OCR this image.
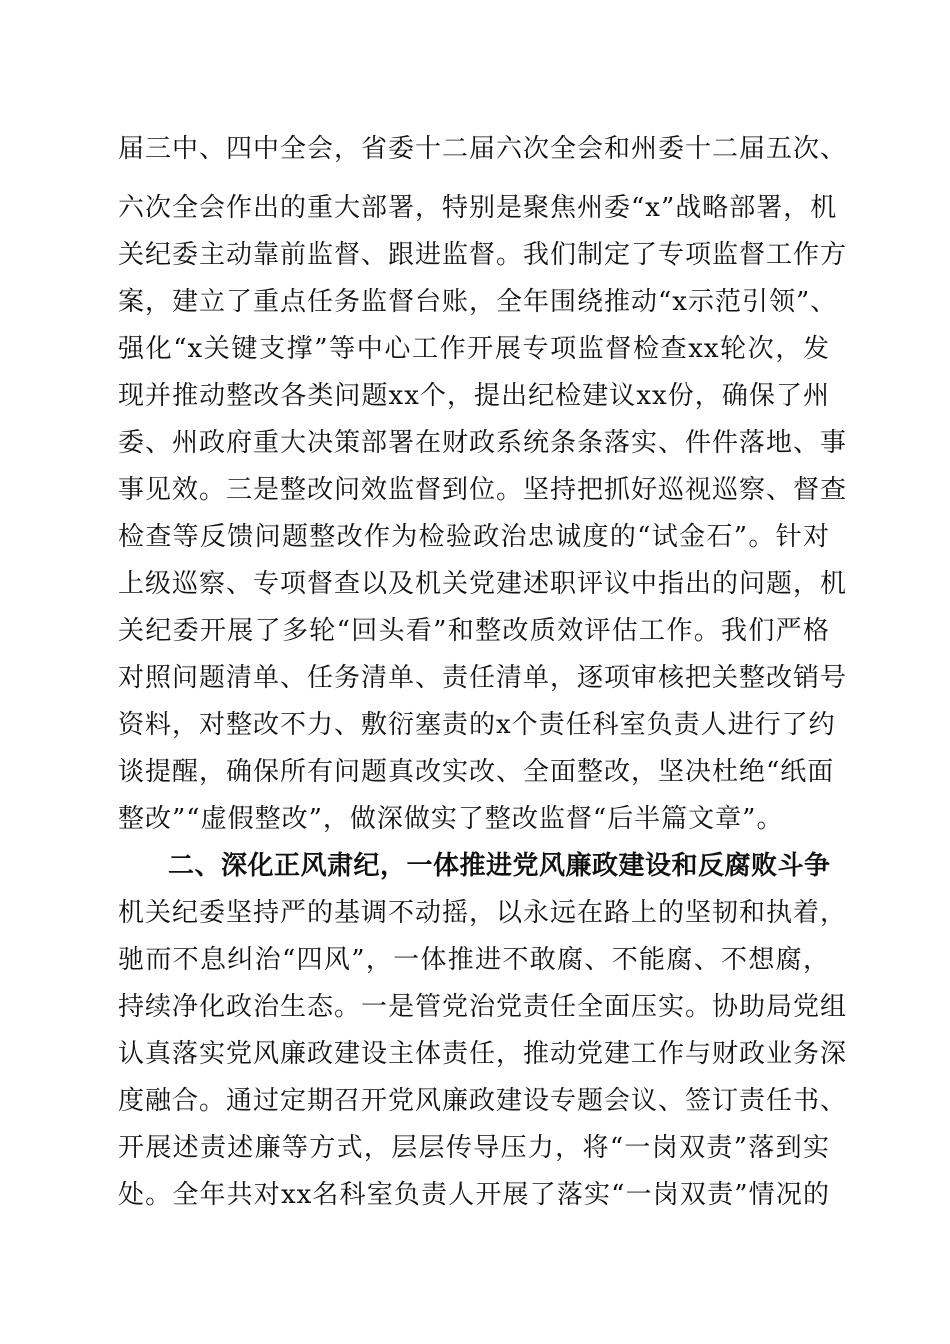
届三中、四中全会，省委十二届六次全会和州委十二届五次、
六次全会作出的重大部署，特别是聚焦州委“x”战略部署，机
关纪委主动靠前监督、跟进监督。我们制定了专项监督工作方
案，建立了重点任务监督台账，全年围绕推动“x示范引领”、
强化“x关键支撑”等中心工作开展专项监督检查xx轮次，发
现并推动整改各类问题xx个，提出纪检建议xx份，确保了州
委、州政府重大决策部署在财政系统条条落实、件件落地、事
事见效。三是整改问效监督到位。坚持把抓好巡视巡察、督查
检查等反馈问题整改作为检验政治忠诚度的“试金石”。针对
上级巡察、专项督查以及机关党建述职评议中指出的问题，机
关纪委开展了多轮“回头看”和整改质效评估工作。我们严格
对照问题清单、任务清单、责任清单，逐项审核把关整改销号
资料，对整改不力、敷衍塞责的x个责任科室负责人进行了约
谈提醒，确保所有问题真改实改、全面整改，坚决杜绝“纸面
整改”“虚假整改”，做深做实了整改监督“后半篇文章”。
二、深化正风肃纪，一体推进党风廉政建设和反腐败斗争
机关纪委坚持严的基调不动摇，以永远在路上的坚韧和执着，
驰而不息纠治“四风”，一体推进不敢腐、不能腐、不想腐，
持续净化政治生态。一是管党治党责任全面压实。协助局党组
认真落实党风廉政建设主体责任，推动党建工作与财政业务深
度融合。通过定期召开党风廉政建设专题会议、签订责任书、
开展述责述廉等方式，层层传导压力，将“一岗双责”落到实
处。全年共对xx名科室负责人开展了落实“一岗双责”情况的
